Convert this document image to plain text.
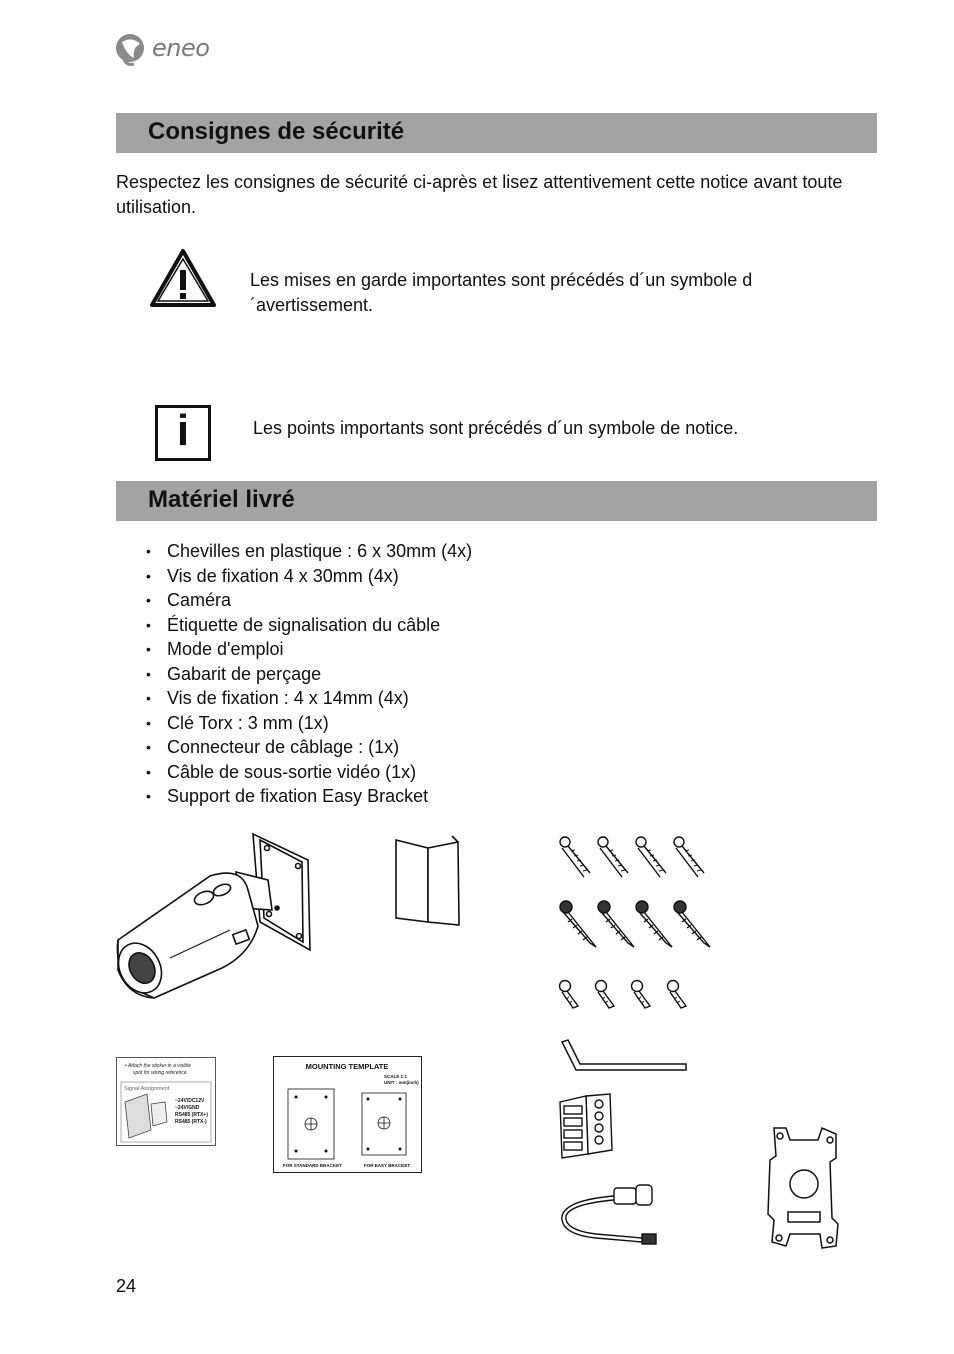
eneo
Consignes de sécurité

Respectez les consignes de sécurité ci-après et lisez attentivement cette notice avant toute utilisation.

Les mises en garde importantes sont précédés d´un symbole d´avertissement.

i	Les points importants sont précédés d´un symbole de notice.

Matériel livré
• Chevilles en plastique : 6 x 30mm (4x)
• Vis de fixation 4 x 30mm (4x)
• Caméra
• Étiquette de signalisation du câble
• Mode d'emploi
• Gabarit de perçage
• Vis de fixation : 4 x 14mm (4x)
• Clé Torx : 3 mm (1x)
• Connecteur de câblage : (1x)
• Câble de sous-sortie vidéo (1x)
• Support de fixation Easy Bracket
• Attach the sticker in a visible
spot for wiring reference.
Signal Assignment
~24V/DC12V
~24V/GND
RS485 (RTX+)
RS485 (RTX-)
MOUNTING TEMPLATE
SCALE 1:1
UNIT : mm(inch)
FOR STANDARD BRACKET	FOR EASY BRACKET
24
